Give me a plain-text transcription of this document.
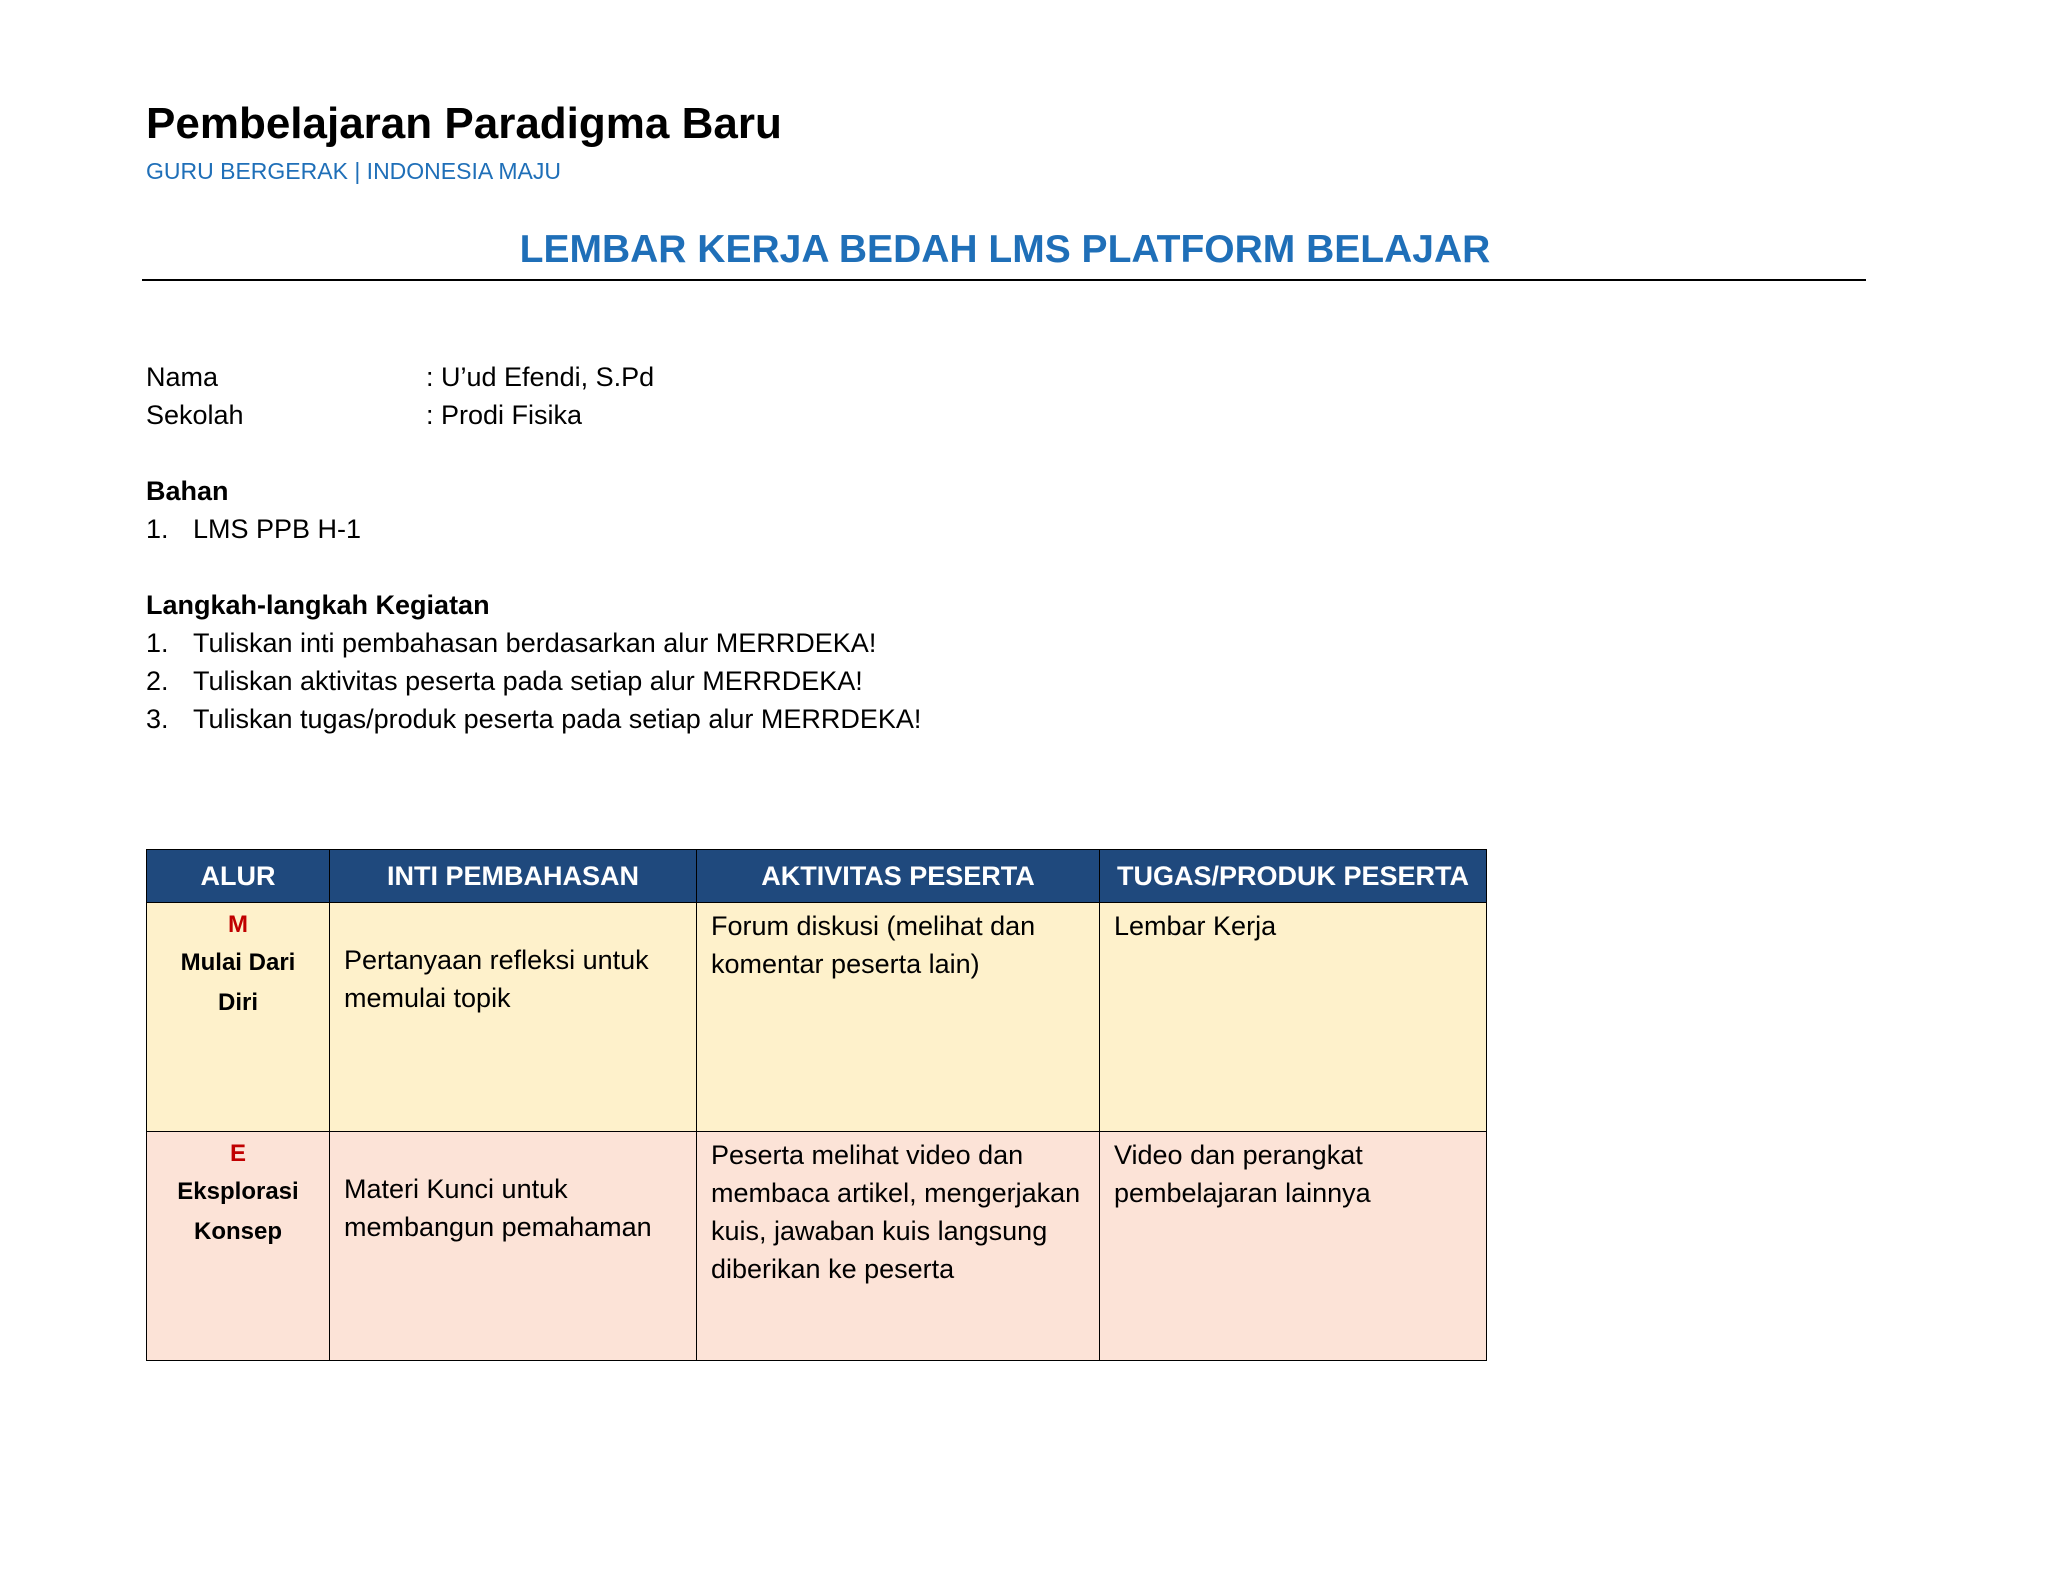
Pembelajaran Paradigma Baru
GURU BERGERAK | INDONESIA MAJU
LEMBAR KERJA BEDAH LMS PLATFORM BELAJAR
Nama	: U’ud Efendi, S.Pd
Sekolah	: Prodi Fisika
Bahan
1. LMS PPB H-1
Langkah-langkah Kegiatan
1. Tuliskan inti pembahasan berdasarkan alur MERRDEKA!
2. Tuliskan aktivitas peserta pada setiap alur MERRDEKA!
3. Tuliskan tugas/produk peserta pada setiap alur MERRDEKA!
ALUR	INTI PEMBAHASAN	AKTIVITAS PESERTA	TUGAS/PRODUK PESERTA

M
Mulai Dari
Diri	Pertanyaan refleksi untuk memulai topik	Forum diskusi (melihat dan komentar peserta lain)	Lembar Kerja

E
Eksplorasi
Konsep	Materi Kunci untuk membangun pemahaman	Peserta melihat video dan membaca artikel, mengerjakan kuis, jawaban kuis langsung diberikan ke peserta	Video dan perangkat pembelajaran lainnya
